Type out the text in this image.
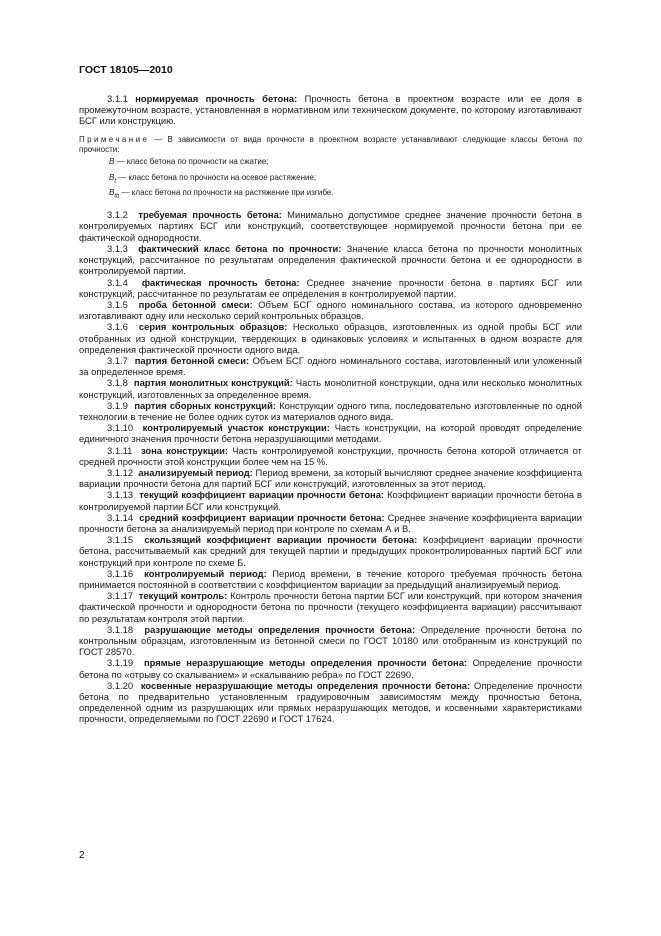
ГОСТ 18105—2010

3.1.1 нормируемая прочность бетона: Прочность бетона в проектном возрасте или ее доля в промежуточном возрасте, установленная в нормативном или техническом документе, по которому изготавливают БСГ или конструкцию.

Примечание — В зависимости от вида прочности в проектном возрасте устанавливают следующие классы бетона по прочности:

B — класс бетона по прочности на сжатие;

$B_t$ — класс бетона по прочности на осевое растяжение;

$B_{tb}$ — класс бетона по прочности на растяжение при изгибе.

3.1.2 требуемая прочность бетона: Минимально допустимое среднее значение прочности бетона в контролируемых партиях БСГ или конструкций, соответствующее нормируемой прочности бетона при ее фактической однородности.

3.1.3 фактический класс бетона по прочности: Значение класса бетона по прочности монолитных конструкций, рассчитанное по результатам определения фактической прочности бетона и ее однородности в контролируемой партии.

3.1.4 фактическая прочность бетона: Среднее значение прочности бетона в партиях БСГ или конструкций, рассчитанное по результатам ее определения в контролируемой партии.

3.1.5 проба бетонной смеси: Объем БСГ одного номинального состава, из которого одновременно изготавливают одну или несколько серий контрольных образцов.

3.1.6 серия контрольных образцов: Несколько образцов, изготовленных из одной пробы БСГ или отобранных из одной конструкции, твердеющих в одинаковых условиях и испытанных в одном возрасте для определения фактической прочности одного вида.

3.1.7 партия бетонной смеси: Объем БСГ одного номинального состава, изготовленный или уложенный за определенное время.

3.1.8 партия монолитных конструкций: Часть монолитной конструкции, одна или несколько монолитных конструкций, изготовленных за определенное время.

3.1.9 партия сборных конструкций: Конструкции одного типа, последовательно изготовленные по одной технологии в течение не более одних суток из материалов одного вида.

3.1.10 контролируемый участок конструкции: Часть конструкции, на которой проводят определение единичного значения прочности бетона неразрушающими методами.

3.1.11 зона конструкции: Часть контролируемой конструкции, прочность бетона которой отличается от средней прочности этой конструкции более чем на 15 %.

3.1.12 анализируемый период: Период времени, за который вычисляют среднее значение коэффициента вариации прочности бетона для партий БСГ или конструкций, изготовленных за этот период.

3.1.13 текущий коэффициент вариации прочности бетона: Коэффициент вариации прочности бетона в контролируемой партии БСГ или конструкций.

3.1.14 средний коэффициент вариации прочности бетона: Среднее значение коэффициента вариации прочности бетона за анализируемый период при контроле по схемам А и В.

3.1.15 скользящий коэффициент вариации прочности бетона: Коэффициент вариации прочности бетона, рассчитываемый как средний для текущей партии и предыдущих проконтролированных партий БСГ или конструкций при контроле по схеме Б.

3.1.16 контролируемый период: Период времени, в течение которого требуемая прочность бетона принимается постоянной в соответствии с коэффициентом вариации за предыдущий анализируемый период.

3.1.17 текущий контроль: Контроль прочности бетона партии БСГ или конструкций, при котором значения фактической прочности и однородности бетона по прочности (текущего коэффициента вариации) рассчитывают по результатам контроля этой партии.

3.1.18 разрушающие методы определения прочности бетона: Определение прочности бетона по контрольным образцам, изготовленным из бетонной смеси по ГОСТ 10180 или отобранным из конструкций по ГОСТ 28570.

3.1.19 прямые неразрушающие методы определения прочности бетона: Определение прочности бетона по «отрыву со скалыванием» и «скалыванию ребра» по ГОСТ 22690.

3.1.20 косвенные неразрушающие методы определения прочности бетона: Определение прочности бетона по предварительно установленным градуировочным зависимостям между прочностью бетона, определенной одним из разрушающих или прямых неразрушающих методов, и косвенными характеристиками прочности, определяемыми по ГОСТ 22690 и ГОСТ 17624.

2
